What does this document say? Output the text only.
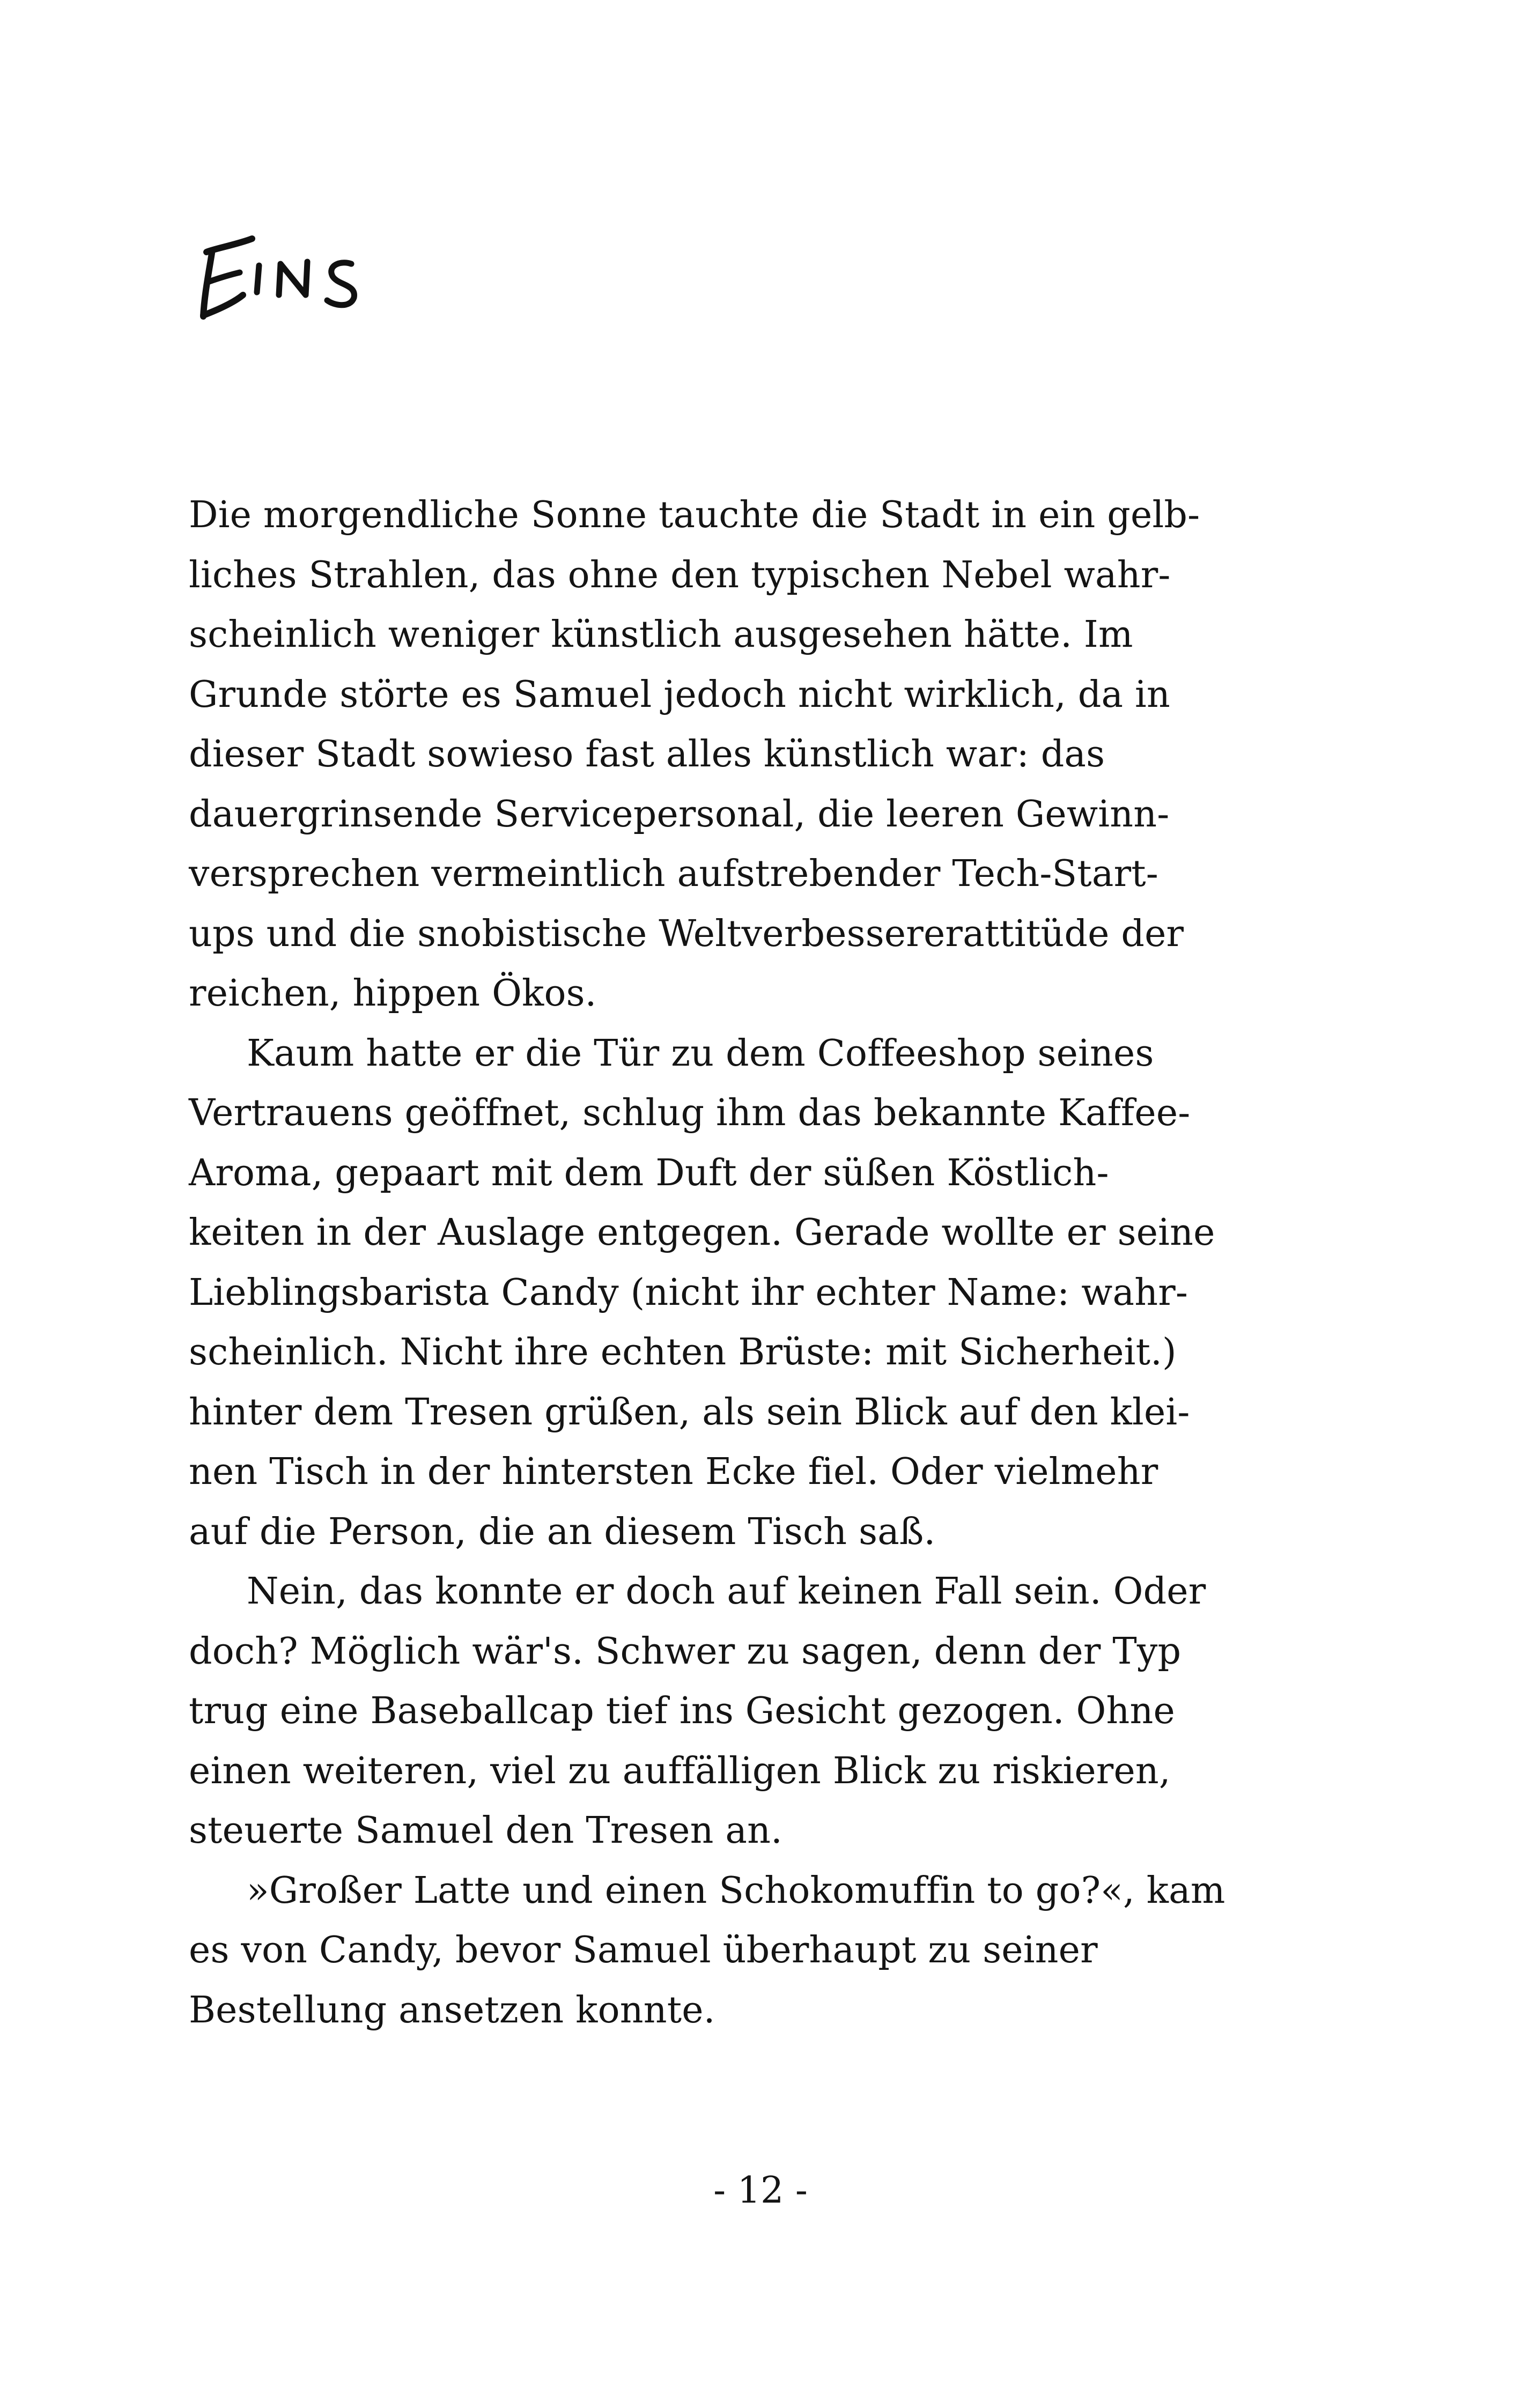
Die morgendliche Sonne tauchte die Stadt in ein gelb-
liches Strahlen, das ohne den typischen Nebel wahr-
scheinlich weniger künstlich ausgesehen hätte. Im
Grunde störte es Samuel jedoch nicht wirklich, da in
dieser Stadt sowieso fast alles künstlich war: das
dauergrinsende Servicepersonal, die leeren Gewinn-
versprechen vermeintlich aufstrebender Tech-Start-
ups und die snobistische Weltverbessererattitüde der
reichen, hippen Ökos.
Kaum hatte er die Tür zu dem Coffeeshop seines
Vertrauens geöffnet, schlug ihm das bekannte Kaffee-
Aroma, gepaart mit dem Duft der süßen Köstlich-
keiten in der Auslage entgegen. Gerade wollte er seine
Lieblingsbarista Candy (nicht ihr echter Name: wahr-
scheinlich. Nicht ihre echten Brüste: mit Sicherheit.)
hinter dem Tresen grüßen, als sein Blick auf den klei-
nen Tisch in der hintersten Ecke fiel. Oder vielmehr
auf die Person, die an diesem Tisch saß.
Nein, das konnte er doch auf keinen Fall sein. Oder
doch? Möglich wär's. Schwer zu sagen, denn der Typ
trug eine Baseballcap tief ins Gesicht gezogen. Ohne
einen weiteren, viel zu auffälligen Blick zu riskieren,
steuerte Samuel den Tresen an.
»Großer Latte und einen Schokomuffin to go?«, kam
es von Candy, bevor Samuel überhaupt zu seiner
Bestellung ansetzen konnte.
- 12 -
